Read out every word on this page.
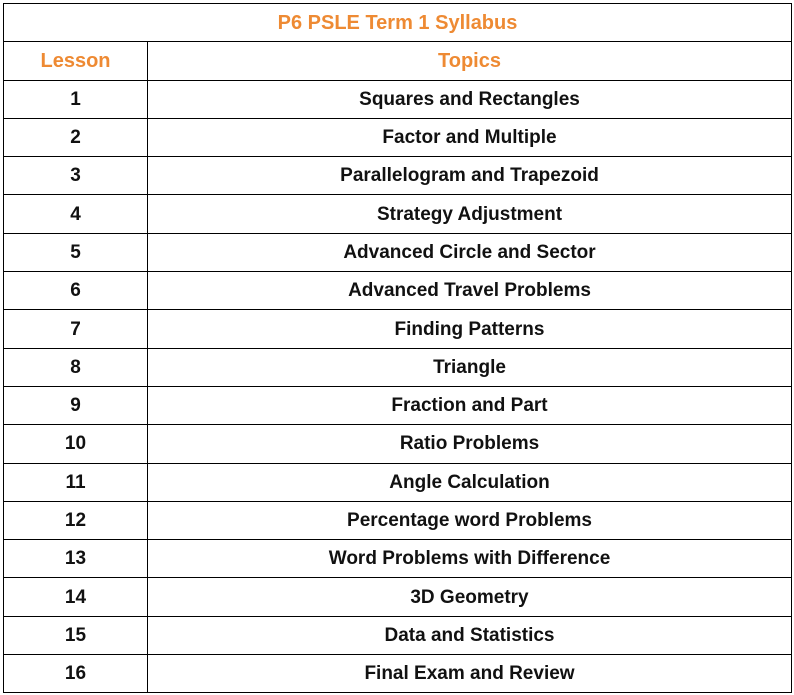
P6 PSLE Term 1 Syllabus	
Lesson	Topics
1	Squares and Rectangles
2	Factor and Multiple
3	Parallelogram and Trapezoid
4	Strategy Adjustment
5	Advanced Circle and Sector
6	Advanced Travel Problems
7	Finding Patterns
8	Triangle
9	Fraction and Part
10	Ratio Problems
11	Angle Calculation
12	Percentage word Problems
13	Word Problems with Difference
14	3D Geometry
15	Data and Statistics
16	Final Exam and Review
